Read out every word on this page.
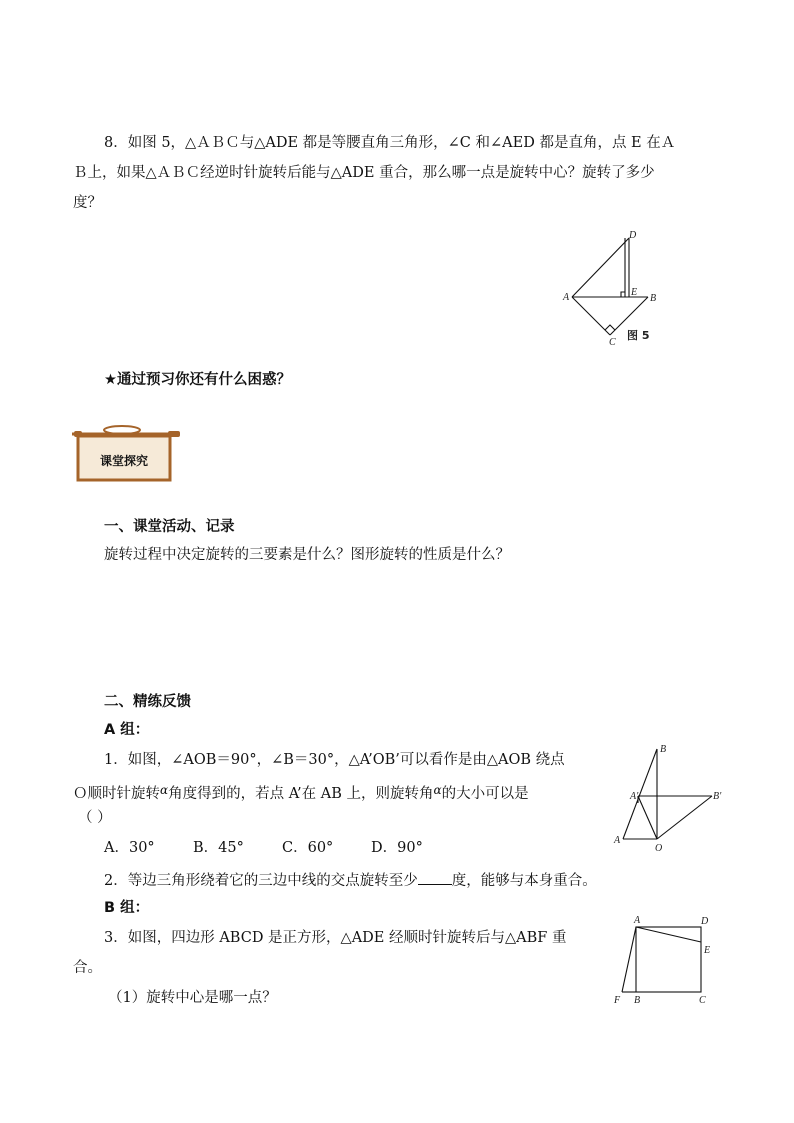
8．如图 5，△ＡＢＣ与△ADE 都是等腰直角三角形，∠C 和∠AED 都是直角，点 E 在Ａ
Ｂ上，如果△ＡＢＣ经逆时针旋转后能与△ADE 重合，那么哪一点是旋转中心？旋转了多少
度？
D
E
A	B
C
图 5
★通过预习你还有什么困惑？
课堂探究
一、课堂活动、记录
旋转过程中决定旋转的三要素是什么？图形旋转的性质是什么？
二、精练反馈
A 组：
1．如图，∠AOB＝90°，∠B＝30°，△A’OB’可以看作是由△AOB 绕点
Ｏ顺时针旋转$^\alpha$角度得到的，若点 A’在 AB 上，则旋转角$^\alpha$的大小可以是
（ ）
A．30°	B．45°	C．60°	D．90°
B
A'	B'
A
O
2．等边三角形绕着它的三边中线的交点旋转至少 度，能够与本身重合。
B 组：
3．如图，四边形 ABCD 是正方形，△ADE 经顺时针旋转后与△ABF 重
合。
（1）旋转中心是哪一点？
A	D
E
F B	C
